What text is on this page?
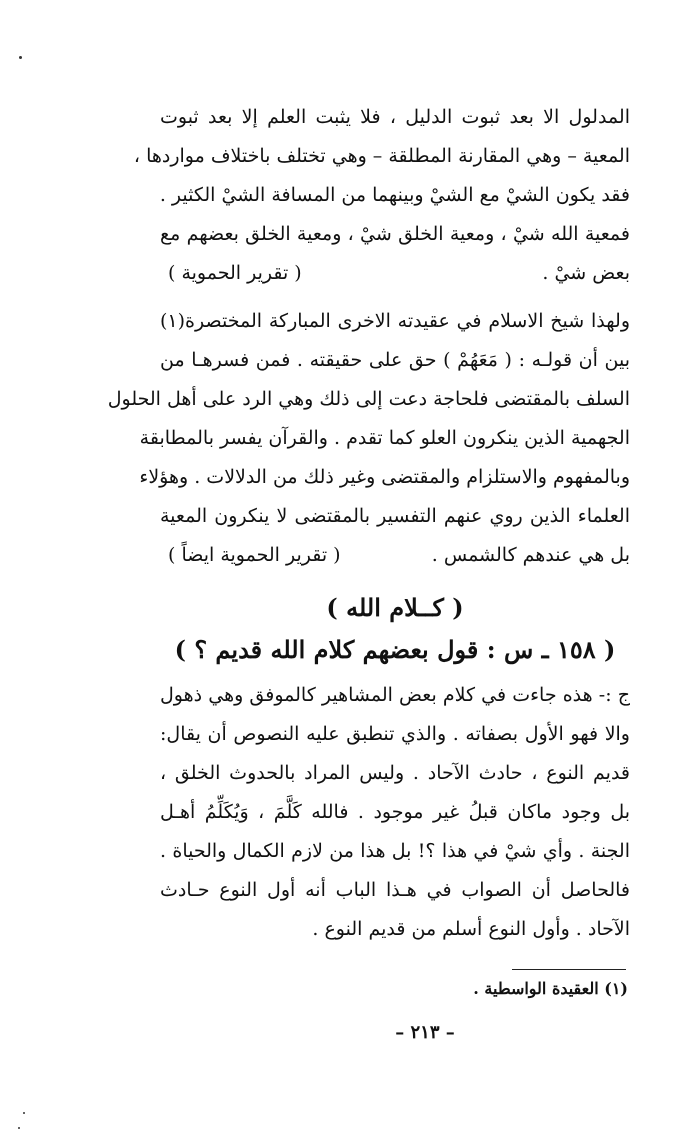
المدلول الا بعد ثبوت الدليل ، فلا يثبت العلم إلا بعد ثبوت
المعية – وهي المقارنة المطلقة – وهي تختلف باختلاف مواردها ،
فقد يكون الشيْ مع الشيْ وبينهما من المسافة الشيْ الكثير .
فمعية الله شيْ ، ومعية الخلق شيْ ، ومعية الخلق بعضهم مع
بعض شيْ .
( تقرير الحموية )
ولهذا شيخ الاسلام في عقيدته الاخرى المباركة المختصرة(١)
بين أن قولـه : ( مَعَهُمْ ) حق على حقيقته . فمن فسرهـا من
السلف بالمقتضى فلحاجة دعت إلى ذلك وهي الرد على أهل الحلول
الجهمية الذين ينكرون العلو كما تقدم . والقرآن يفسر بالمطابقة
وبالمفهوم والاستلزام والمقتضى وغير ذلك من الدلالات . وهؤلاء
العلماء الذين روي عنهم التفسير بالمقتضى لا ينكرون المعية
بل هي عندهم كالشمس .
( تقرير الحموية ايضاً )
( كــلام الله )
( ١٥٨ ـ س : قول بعضهم كلام الله قديم ؟ )
ج :- هذه جاءت في كلام بعض المشاهير كالموفق وهي ذهول
والا فهو الأول بصفاته . والذي تنطبق عليه النصوص أن يقال:
قديم النوع ، حادث الآحاد . وليس المراد بالحدوث الخلق ،
بل وجود ماكان قبلُ غير موجود . فالله كَلَّمَ ، وَيُكَلِّمُ أهـل
الجنة . وأي شيْ في هذا ؟! بل هذا من لازم الكمال والحياة .
فالحاصل أن الصواب في هـذا الباب أنه أول النوع حـادث
الآحاد . وأول النوع أسلم من قديم النوع .
(١) العقيدة الواسطية .
– ٢١٣ –
